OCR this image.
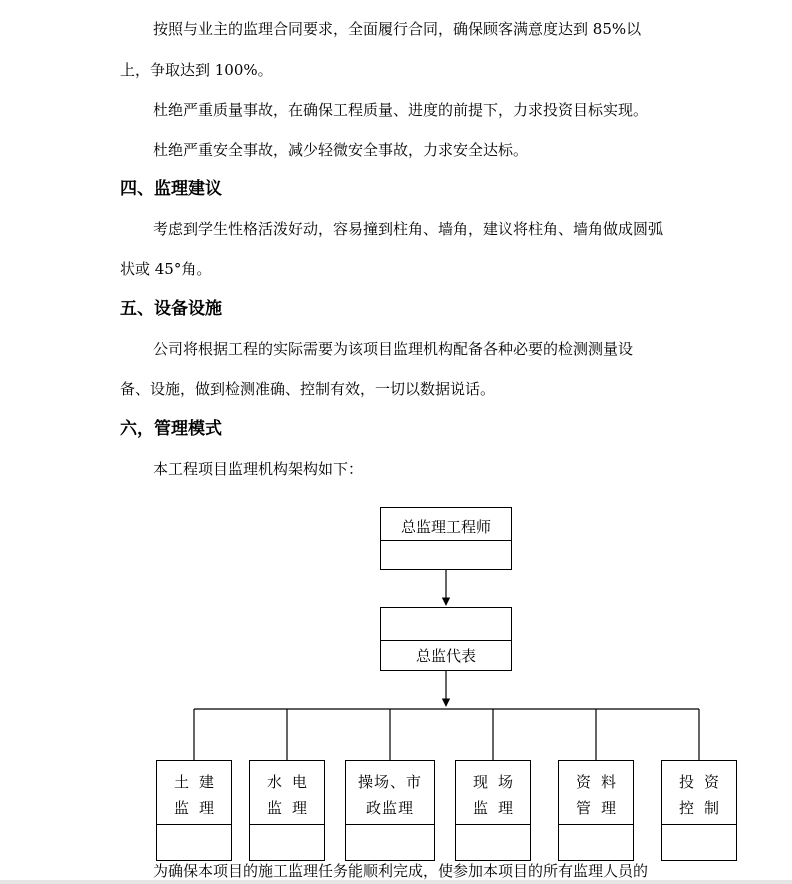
按照与业主的监理合同要求，全面履行合同，确保顾客满意度达到 85%以
上，争取达到 100%。
杜绝严重质量事故，在确保工程质量、进度的前提下，力求投资目标实现。
杜绝严重安全事故，减少轻微安全事故，力求安全达标。
四、监理建议
考虑到学生性格活泼好动，容易撞到柱角、墙角，建议将柱角、墙角做成圆弧
状或 45°角。
五、设备设施
公司将根据工程的实际需要为该项目监理机构配备各种必要的检测测量设
备、设施，做到检测准确、控制有效，一切以数据说话。
六，管理模式
本工程项目监理机构架构如下：
总监理工程师
总监代表
土建
监理
水电
监理
操场、市
政监理
现场
监理
资料
管理
投资
控制
为确保本项目的施工监理任务能顺利完成，使参加本项目的所有监理人员的
